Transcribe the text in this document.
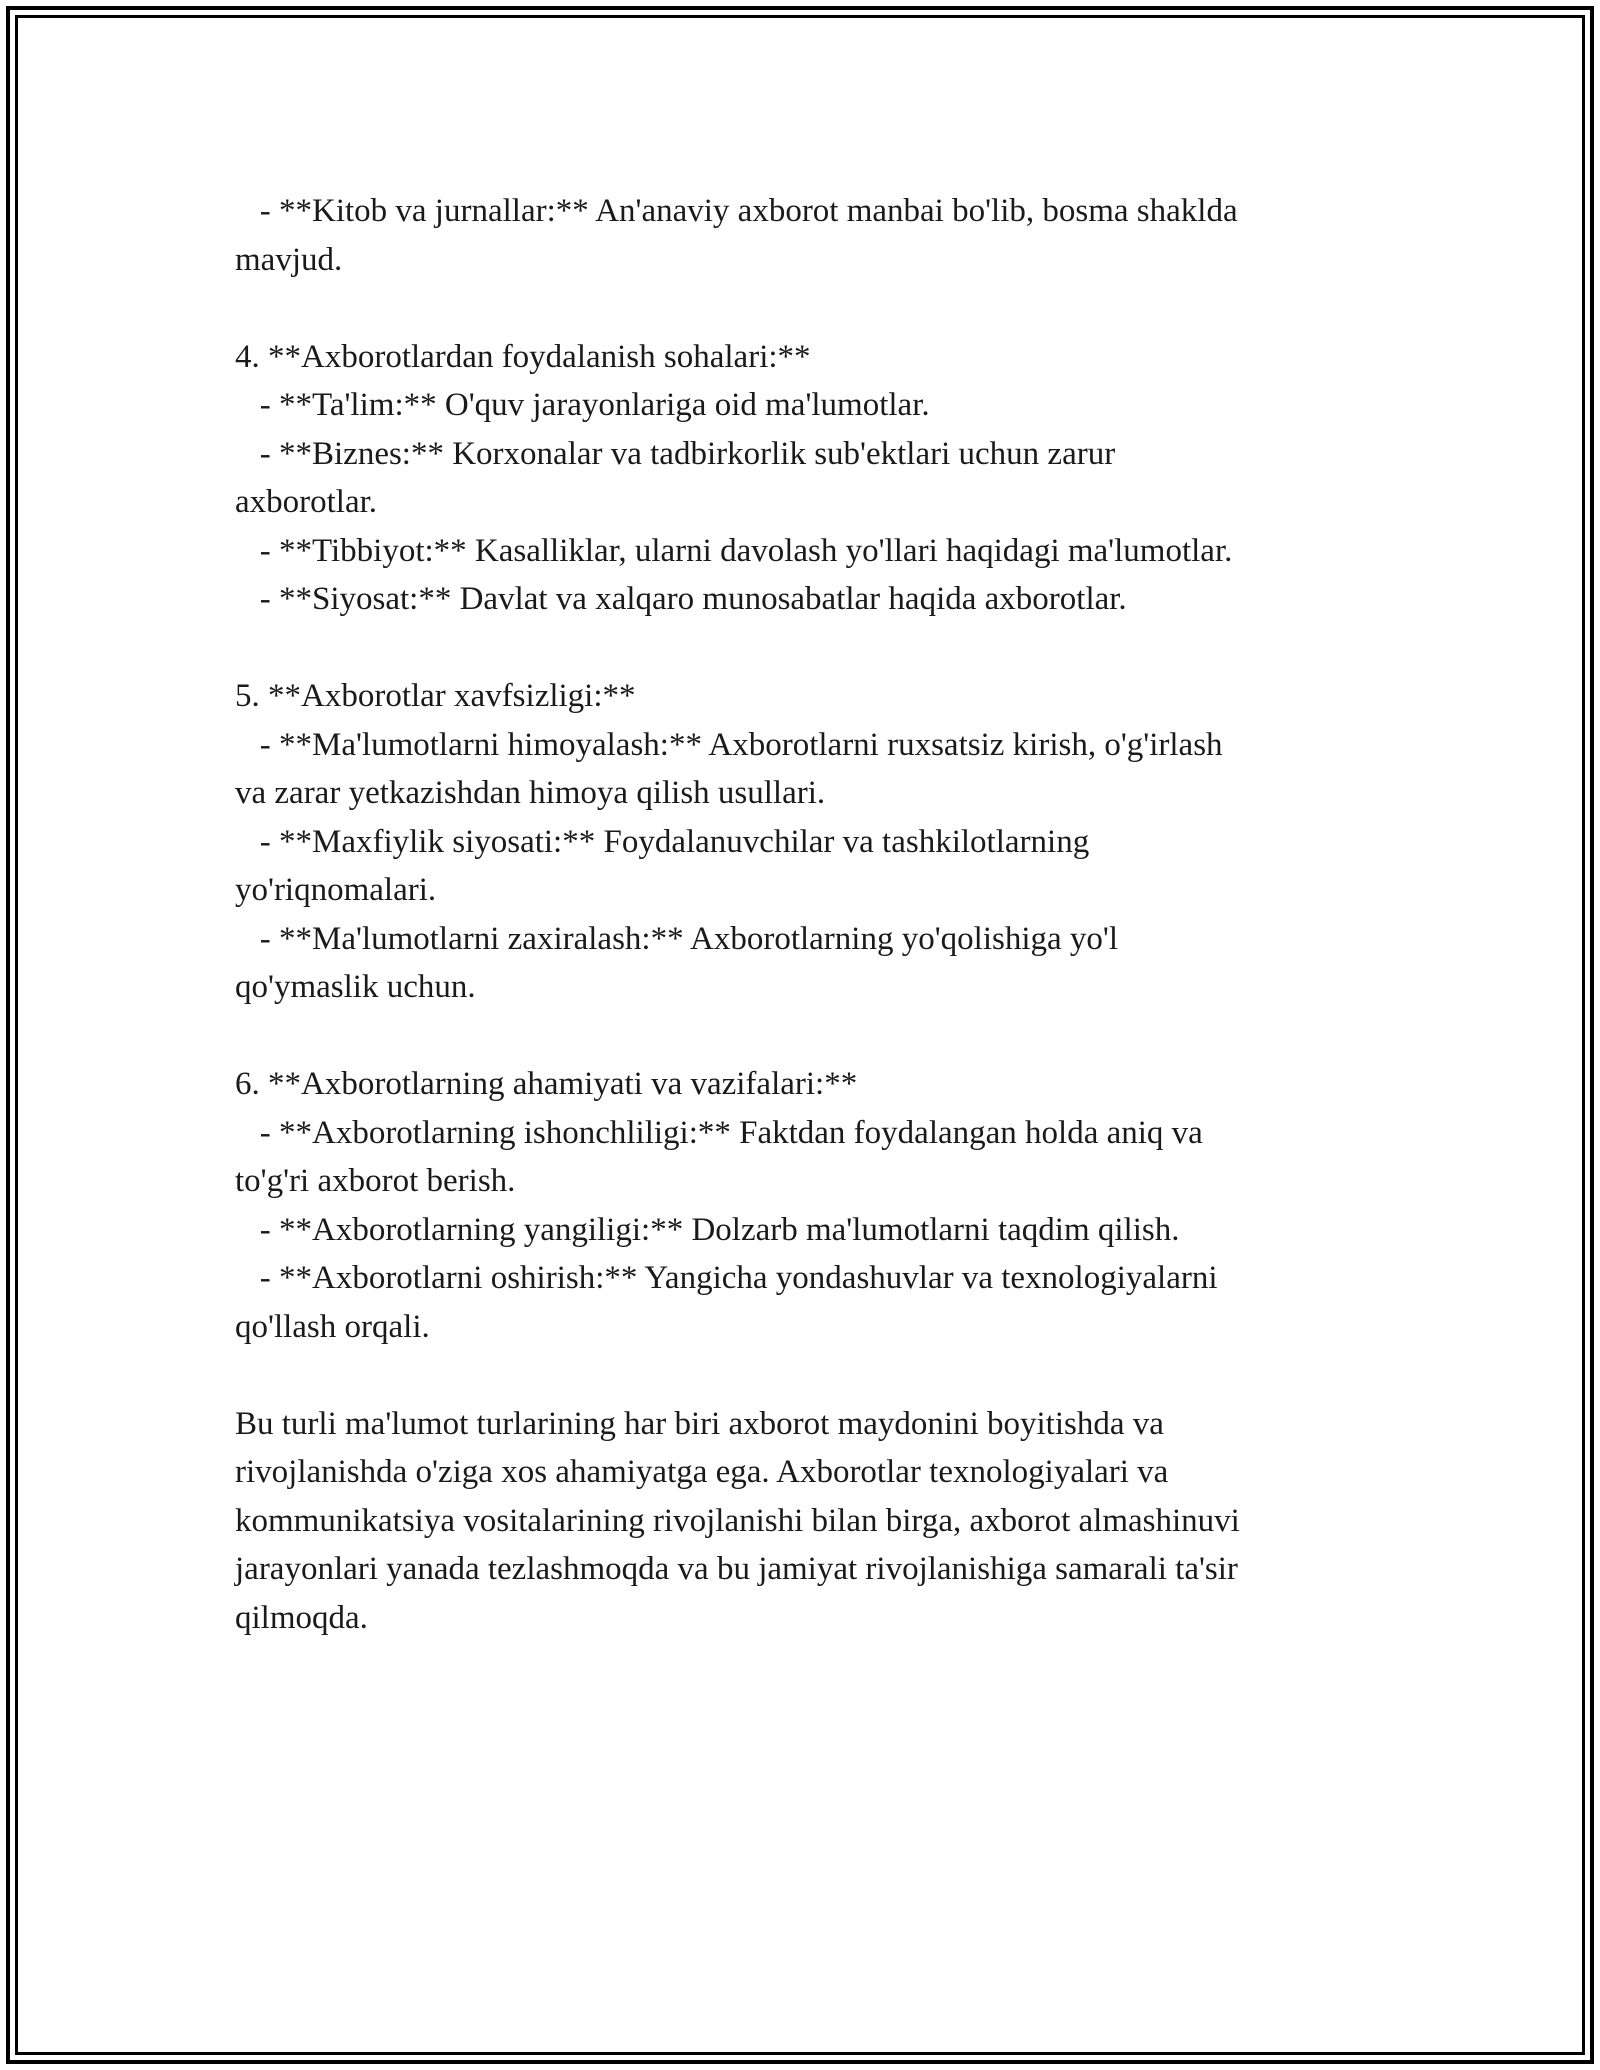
- **Kitob va jurnallar:** An'anaviy axborot manbai bo'lib, bosma shaklda
mavjud.
4. **Axborotlardan foydalanish sohalari:**
- **Ta'lim:** O'quv jarayonlariga oid ma'lumotlar.
- **Biznes:** Korxonalar va tadbirkorlik sub'ektlari uchun zarur
axborotlar.
- **Tibbiyot:** Kasalliklar, ularni davolash yo'llari haqidagi ma'lumotlar.
- **Siyosat:** Davlat va xalqaro munosabatlar haqida axborotlar.
5. **Axborotlar xavfsizligi:**
- **Ma'lumotlarni himoyalash:** Axborotlarni ruxsatsiz kirish, o'g'irlash
va zarar yetkazishdan himoya qilish usullari.
- **Maxfiylik siyosati:** Foydalanuvchilar va tashkilotlarning
yo'riqnomalari.
- **Ma'lumotlarni zaxiralash:** Axborotlarning yo'qolishiga yo'l
qo'ymaslik uchun.
6. **Axborotlarning ahamiyati va vazifalari:**
- **Axborotlarning ishonchliligi:** Faktdan foydalangan holda aniq va
to'g'ri axborot berish.
- **Axborotlarning yangiligi:** Dolzarb ma'lumotlarni taqdim qilish.
- **Axborotlarni oshirish:** Yangicha yondashuvlar va texnologiyalarni
qo'llash orqali.
Bu turli ma'lumot turlarining har biri axborot maydonini boyitishda va
rivojlanishda o'ziga xos ahamiyatga ega. Axborotlar texnologiyalari va
kommunikatsiya vositalarining rivojlanishi bilan birga, axborot almashinuvi
jarayonlari yanada tezlashmoqda va bu jamiyat rivojlanishiga samarali ta'sir
qilmoqda.
